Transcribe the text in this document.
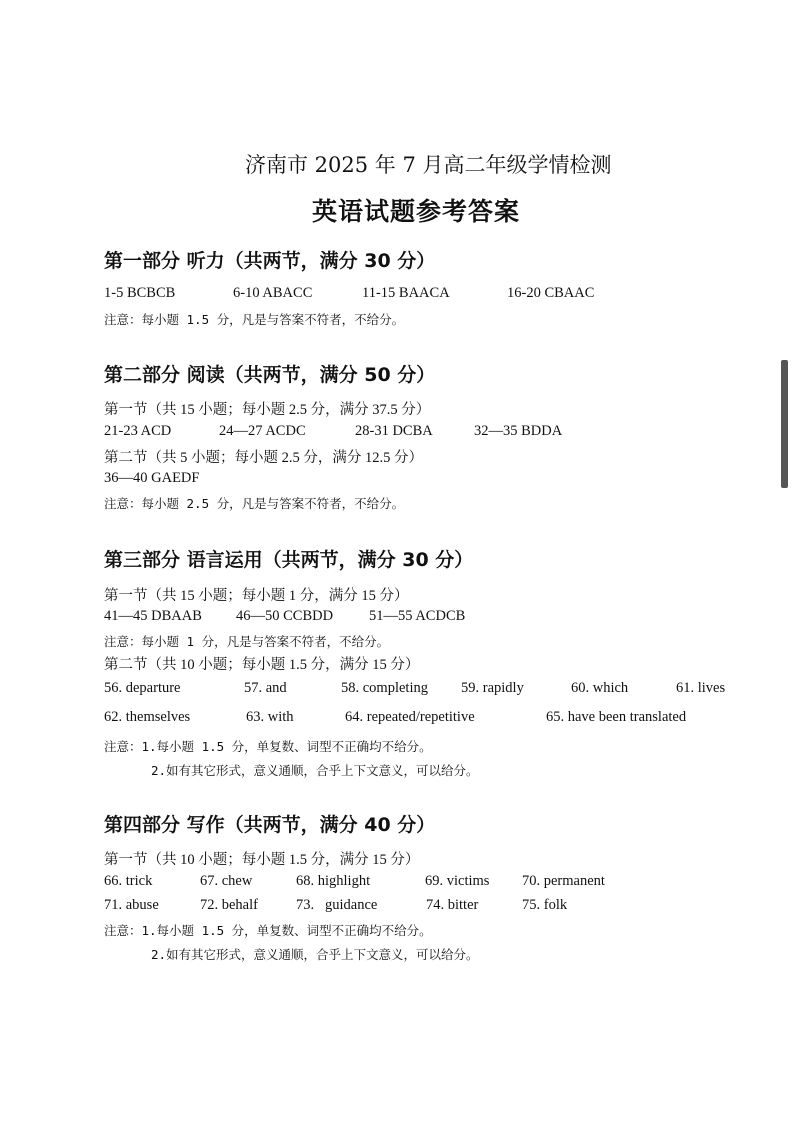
济南市 2025 年 7 月高二年级学情检测
英语试题参考答案
第一部分 听力（共两节，满分 30 分）
1-5 BCBCB	6-10 ABACC	11-15 BAACA	16-20 CBAAC
注意：每小题 1.5 分，凡是与答案不符者，不给分。
第二部分 阅读（共两节，满分 50 分）
第一节（共 15 小题；每小题 2.5 分，满分 37.5 分）
21-23 ACD	24—27 ACDC	28-31 DCBA	32—35 BDDA
第二节（共 5 小题；每小题 2.5 分，满分 12.5 分）
36—40 GAEDF
注意：每小题 2.5 分，凡是与答案不符者，不给分。
第三部分 语言运用（共两节，满分 30 分）
第一节（共 15 小题；每小题 1 分，满分 15 分）
41—45 DBAAB 46—50 CCBDD 51—55 ACDCB
注意：每小题 1 分，凡是与答案不符者，不给分。
第二节（共 10 小题；每小题 1.5 分，满分 15 分）
56. departure	57. and	58. completing 59. rapidly	60. which	61. lives
62. themselves	63. with	64. repeated/repetitive	65. have been translated
注意：1.每小题 1.5 分，单复数、词型不正确均不给分。
2.如有其它形式，意义通顺，合乎上下文意义，可以给分。
第四部分 写作（共两节，满分 40 分）
第一节（共 10 小题；每小题 1.5 分，满分 15 分）
66. trick	67. chew	68. highlight	69. victims 70. permanent
71. abuse	72. behalf	73.   guidance	74. bitter	75. folk
注意：1.每小题 1.5 分，单复数、词型不正确均不给分。
2.如有其它形式，意义通顺，合乎上下文意义，可以给分。
